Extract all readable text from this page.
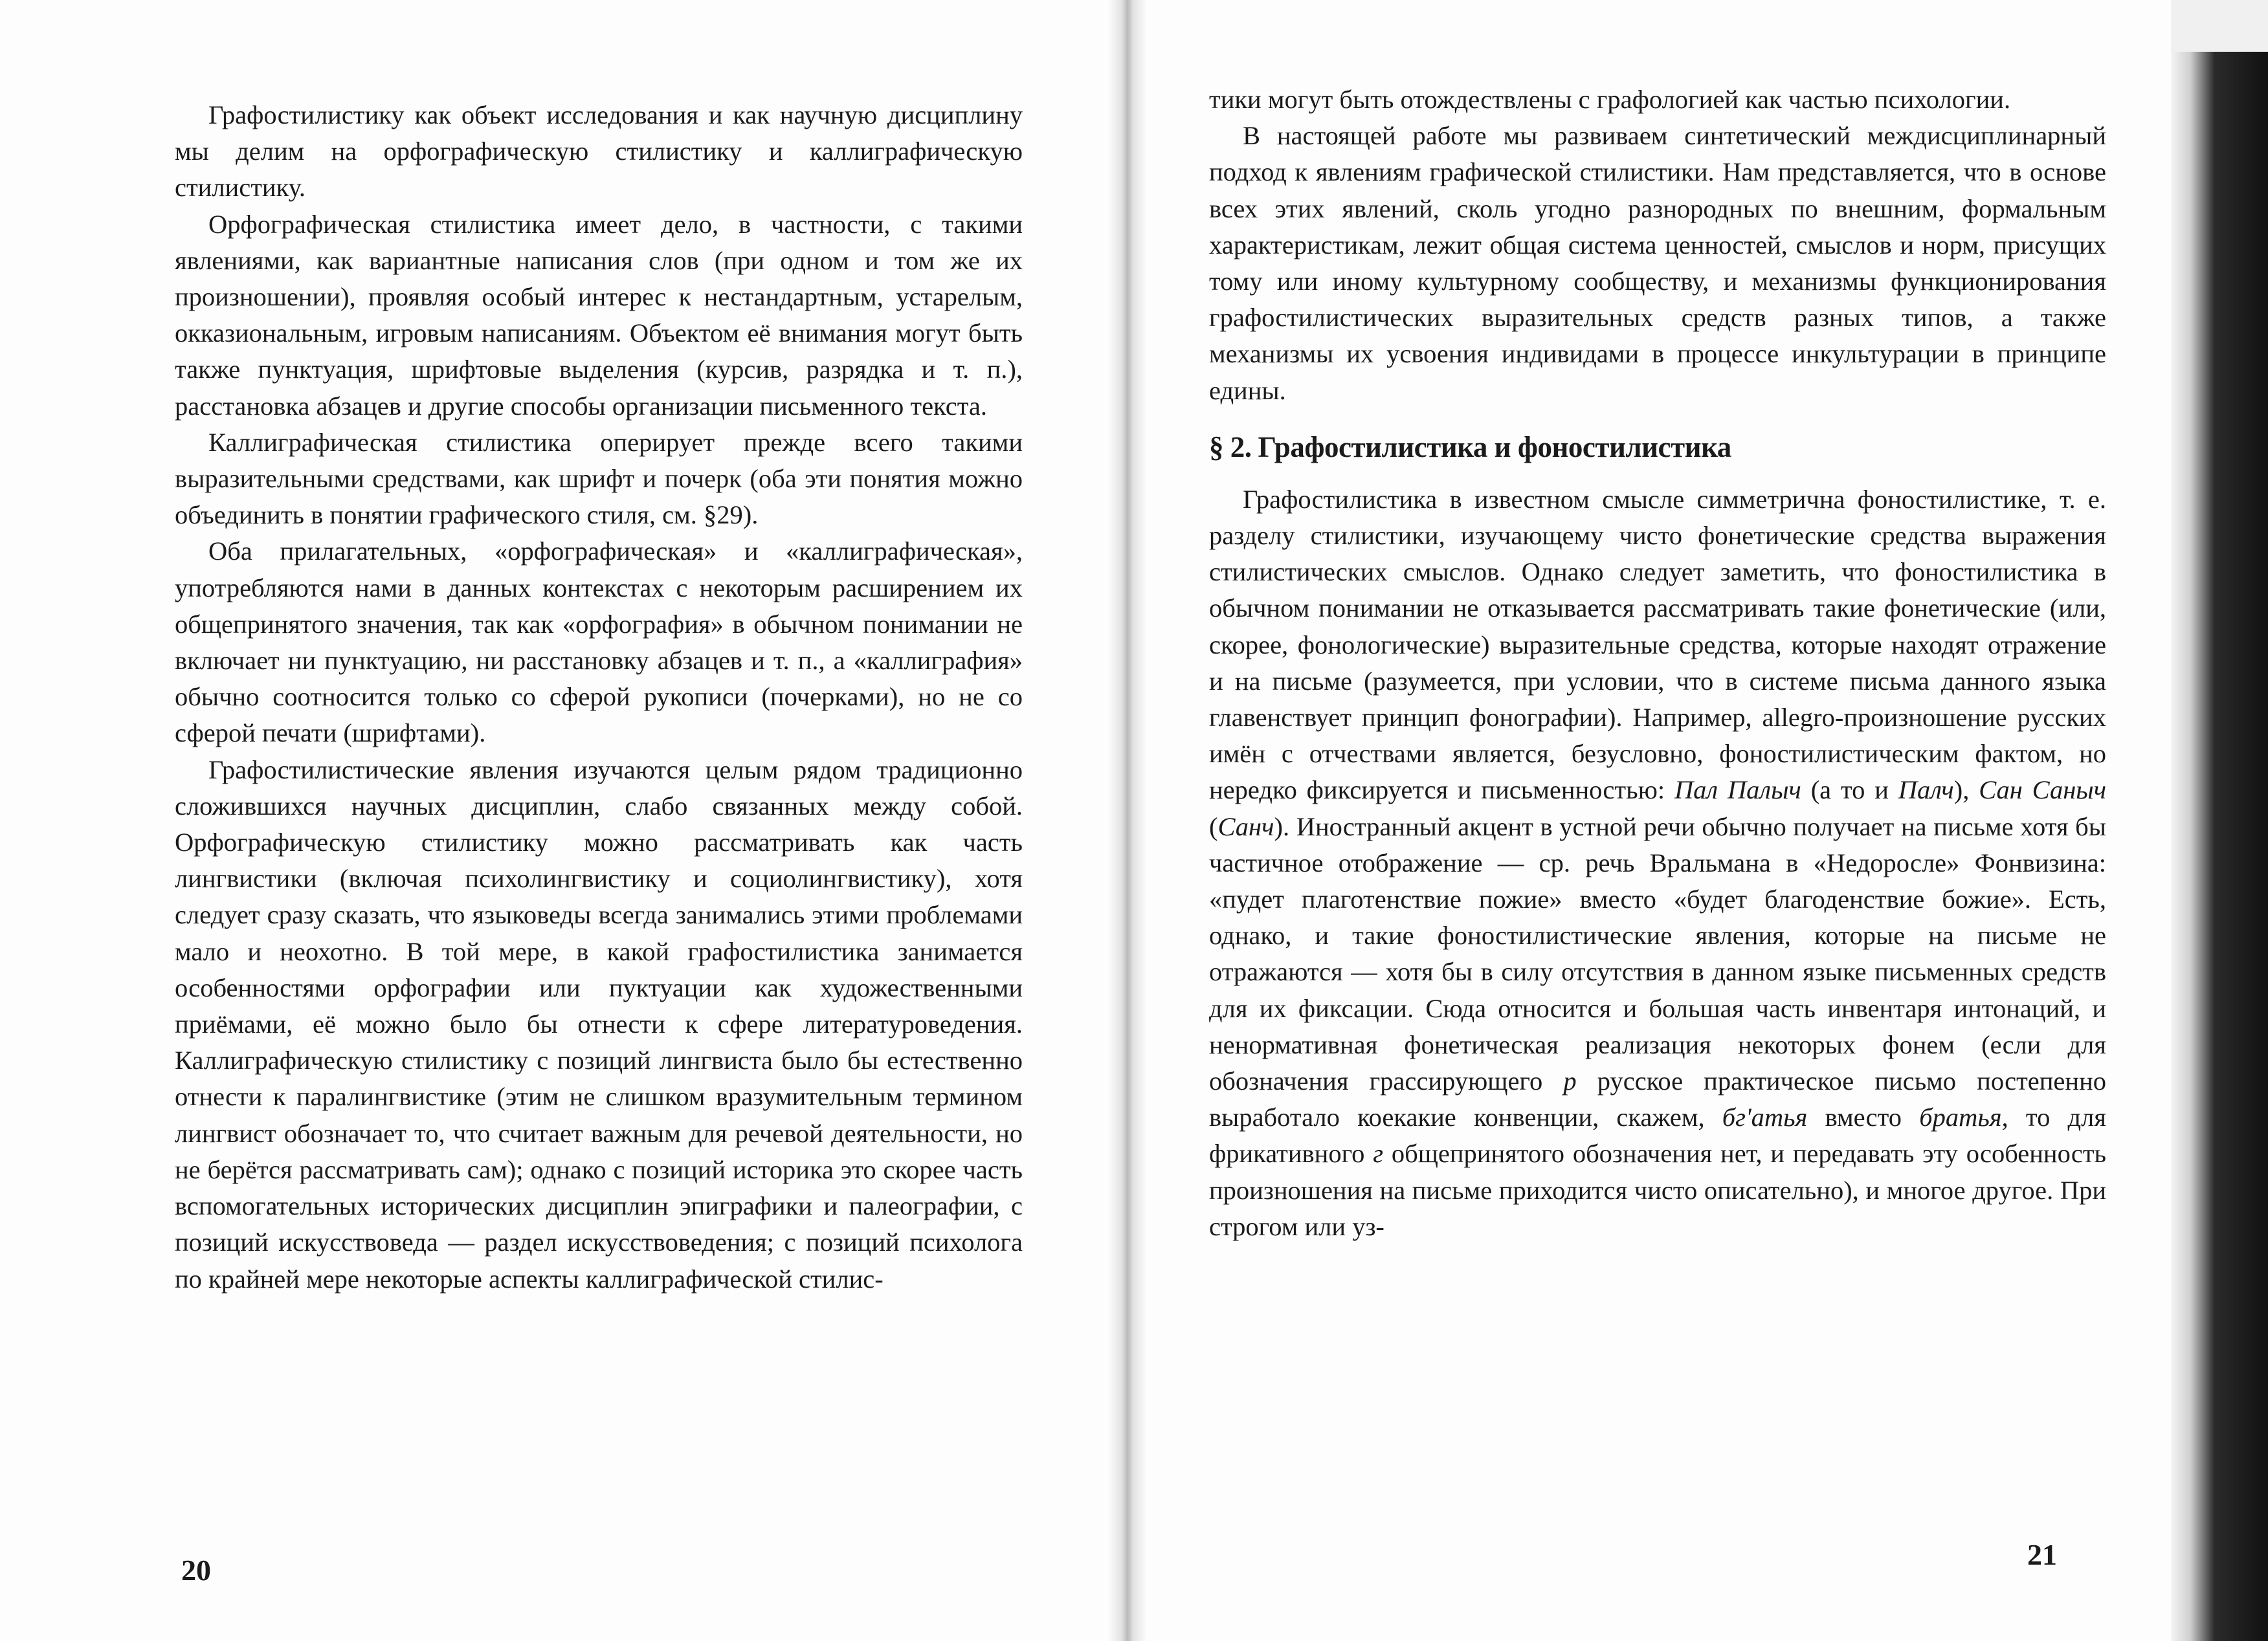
Графостилистику как объект исследования и как научную дисциплину мы делим на орфографическую стилистику и каллиграфическую стилистику.

Орфографическая стилистика имеет дело, в частности, с такими явлениями, как вариантные написания слов (при одном и том же их произношении), проявляя особый интерес к нестандартным, устарелым, окказиональным, игровым написаниям. Объектом её внимания могут быть также пунктуация, шрифтовые выделения (курсив, разрядка и т. п.), расстановка абзацев и другие способы организации письменного текста.

Каллиграфическая стилистика оперирует прежде всего такими выразительными средствами, как шрифт и почерк (оба эти понятия можно объединить в понятии графического стиля, см. §29).

Оба прилагательных, «орфографическая» и «каллиграфическая», употребляются нами в данных контекстах с некоторым расширением их общепринятого значения, так как «орфография» в обычном понимании не включает ни пунктуацию, ни расстановку абзацев и т. п., а «каллиграфия» обычно соотносится только со сферой рукописи (почерками), но не со сферой печати (шрифтами).

Графостилистические явления изучаются целым рядом традиционно сложившихся научных дисциплин, слабо связанных между собой. Орфографическую стилистику можно рассматривать как часть лингвистики (включая психолингвистику и социолингвистику), хотя следует сразу сказать, что языковеды всегда занимались этими проблемами мало и неохотно. В той мере, в какой графостилистика занимается особенностями орфографии или пуктуации как художественными приёмами, её можно было бы отнести к сфере литературоведения. Каллиграфическую стилистику с позиций лингвиста было бы естественно отнести к паралингвистике (этим не слишком вразумительным термином лингвист обозначает то, что считает важным для речевой деятельности, но не берётся рассматривать сам); однако с позиций историка это скорее часть вспомогательных исторических дисциплин эпиграфики и палеографии, с позиций искусствоведа — раздел искусствоведения; с позиций психолога по крайней мере некоторые аспекты каллиграфической стилис-

20

тики могут быть отождествлены с графологией как частью психологии.

В настоящей работе мы развиваем синтетический междисциплинарный подход к явлениям графической стилистики. Нам представляется, что в основе всех этих явлений, сколь угодно разнородных по внешним, формальным характеристикам, лежит общая система ценностей, смыслов и норм, присущих тому или иному культурному сообществу, и механизмы функционирования графостилистических выразительных средств разных типов, а также механизмы их усвоения индивидами в процессе инкультурации в принципе едины.

§ 2. Графостилистика и фоностилистика

Графостилистика в известном смысле симметрична фоностилистике, т. е. разделу стилистики, изучающему чисто фонетические средства выражения стилистических смыслов. Однако следует заметить, что фоностилистика в обычном понимании не отказывается рассматривать такие фонетические (или, скорее, фонологические) выразительные средства, которые находят отражение и на письме (разумеется, при условии, что в системе письма данного языка главенствует принцип фонографии). Например, allegro-произношение русских имён с отчествами является, безусловно, фоностилистическим фактом, но нередко фиксируется и письменностью: Пал Палыч (а то и Палч), Сан Саныч (Санч). Иностранный акцент в устной речи обычно получает на письме хотя бы частичное отображение — ср. речь Вральмана в «Недоросле» Фонвизина: «пудет плаготенствие пожие» вместо «будет благоденствие божие». Есть, однако, и такие фоностилистические явления, которые на письме не отражаются — хотя бы в силу отсутствия в данном языке письменных средств для их фиксации. Сюда относится и большая часть инвентаря интонаций, и ненормативная фонетическая реализация некоторых фонем (если для обозначения грассирующего р русское практическое письмо постепенно выработало коекакие конвенции, скажем, бг'атья вместо братья, то для фрикативного г общепринятого обозначения нет, и передавать эту особенность произношения на письме приходится чисто описательно), и многое другое. При строгом или уз-

21
